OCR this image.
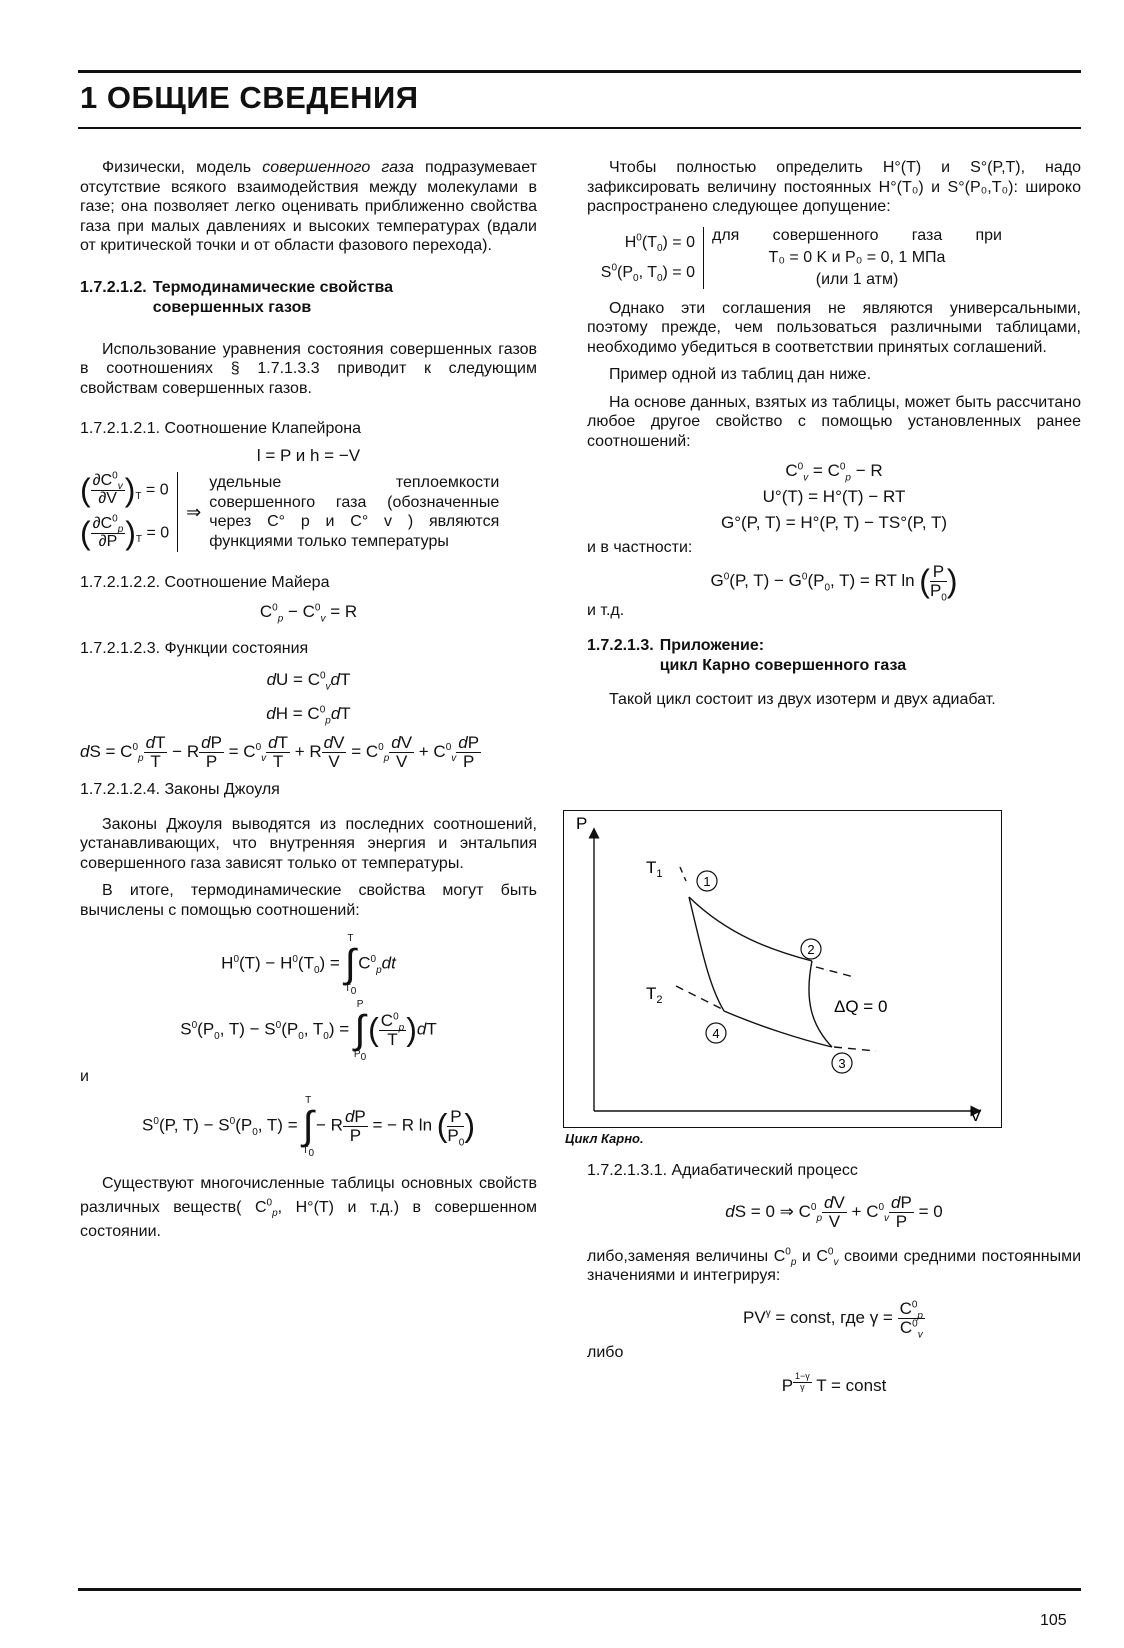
1 ОБЩИЕ СВЕДЕНИЯ

Физически, модель совершенного газа подразумевает отсутствие всякого взаимодействия между молекулами в газе; она позволяет легко оценивать приближенно свойства газа при малых давлениях и высоких температурах (вдали от критической точки и от области фазового перехода).

1.7.2.1.2. Термодинамические свойства
совершенных газов

Использование уравнения состояния совершенных газов в соотношениях § 1.7.1.3.3 приводит к следующим свойствам совершенных газов.

1.7.2.1.2.1. Соотношение Клапейрона
l = P и h = −V
( $\frac{\partial C^0_v}{\partial V} )_T = 0$
( $\frac{\partial C^0_p}{\partial P} )_T = 0$
⇒

удельные теплоемкости совершенного газа (обозначенные через C° p и C° v ) являются функциями только температуры

1.7.2.1.2.2. Соотношение Майера
$C^0_p - C^0_v = R$
1.7.2.1.2.3. Функции состояния
dU = $C^0_vdT$
dH = $C^0_pdT$
dS = $C^0_p \frac{dT}{T} - R \frac{dP}{P} = C^0_v \frac{dT}{T} + R \frac{dV}{V} = C^0_p \frac{dV}{V} + C^0_v \frac{dP}{P}$
1.7.2.1.2.4. Законы Джоуля

Законы Джоуля выводятся из последних соотношений, устанавливающих, что внутренняя энергия и энтальпия совершенного газа зависят только от температуры.

В итоге, термодинамические свойства могут быть вычислены с помощью соотношений:

$H^0(T) - H^0(T_0)$ =
T
∫
$T_0$
$C^0_pdt$
$S^0(P_0$, $T) - S^0(P_0$, $T_0$) =
P
∫
$P_0$
( $\frac{C^0_p}{T} )dT$
и
$S^0(P$, $T) - S^0(P_0$, T) =
T
∫
$T_0$
− R $\frac{dP}{P}$ = − R ln ( $\frac{P}{P_0}$ )

Существуют многочисленные таблицы основных свойств различных веществ( $C^0_p$, H°(T) и т.д.) в совершенном состоянии.

Чтобы полностью определить H°(T) и S°(P,T), надо зафиксировать величину постоянных H°(T₀) и S°(P₀,T₀): широко распространено следующее допущение:

$H^0(T_0) = 0$
$S^0(P_0$, $T_0) = 0$
для совершенного газа при
T₀ = 0 K и P₀ = 0, 1 МПа
(или 1 атм)

Однако эти соглашения не являются универсальными, поэтому прежде, чем пользоваться различными таблицами, необходимо убедиться в соответствии принятых соглашений.

Пример одной из таблиц дан ниже.

На основе данных, взятых из таблицы, может быть рассчитано любое другое свойство с помощью установленных ранее соотношений:

$C^0_v = C^0_p - R$
U°(T) = H°(T) − RT
G°(P, T) = H°(P, T) − TS°(P, T)
и в частности:
$G^0(P$, $T) - G^0(P_0$, T) = RT ln ( $\frac{P}{P_0}$ )
и т.д.
1.7.2.1.3. Приложение:
цикл Карно совершенного газа

Такой цикл состоит из двух изотерм и двух адиабат.

P
V
$T_1$
$T_2$	ΔQ = 0
1
2
3
4
Цикл Карно.
1.7.2.1.3.1. Адиабатический процесс
dS = 0 ⇒ $C^0_p \frac{dV}{V} + C^0_v \frac{dP}{P} = 0$

либо,заменяя величины $C^0_p$ и $C^0_v$ своими средними постоянными значениями и интегрируя:

$PV^\gamma$ = const, где $\gamma = \frac{C^0_p}{C^0_v}$
либо
P $^{\frac{1-\gamma}{\gamma}}$ T = const
105
